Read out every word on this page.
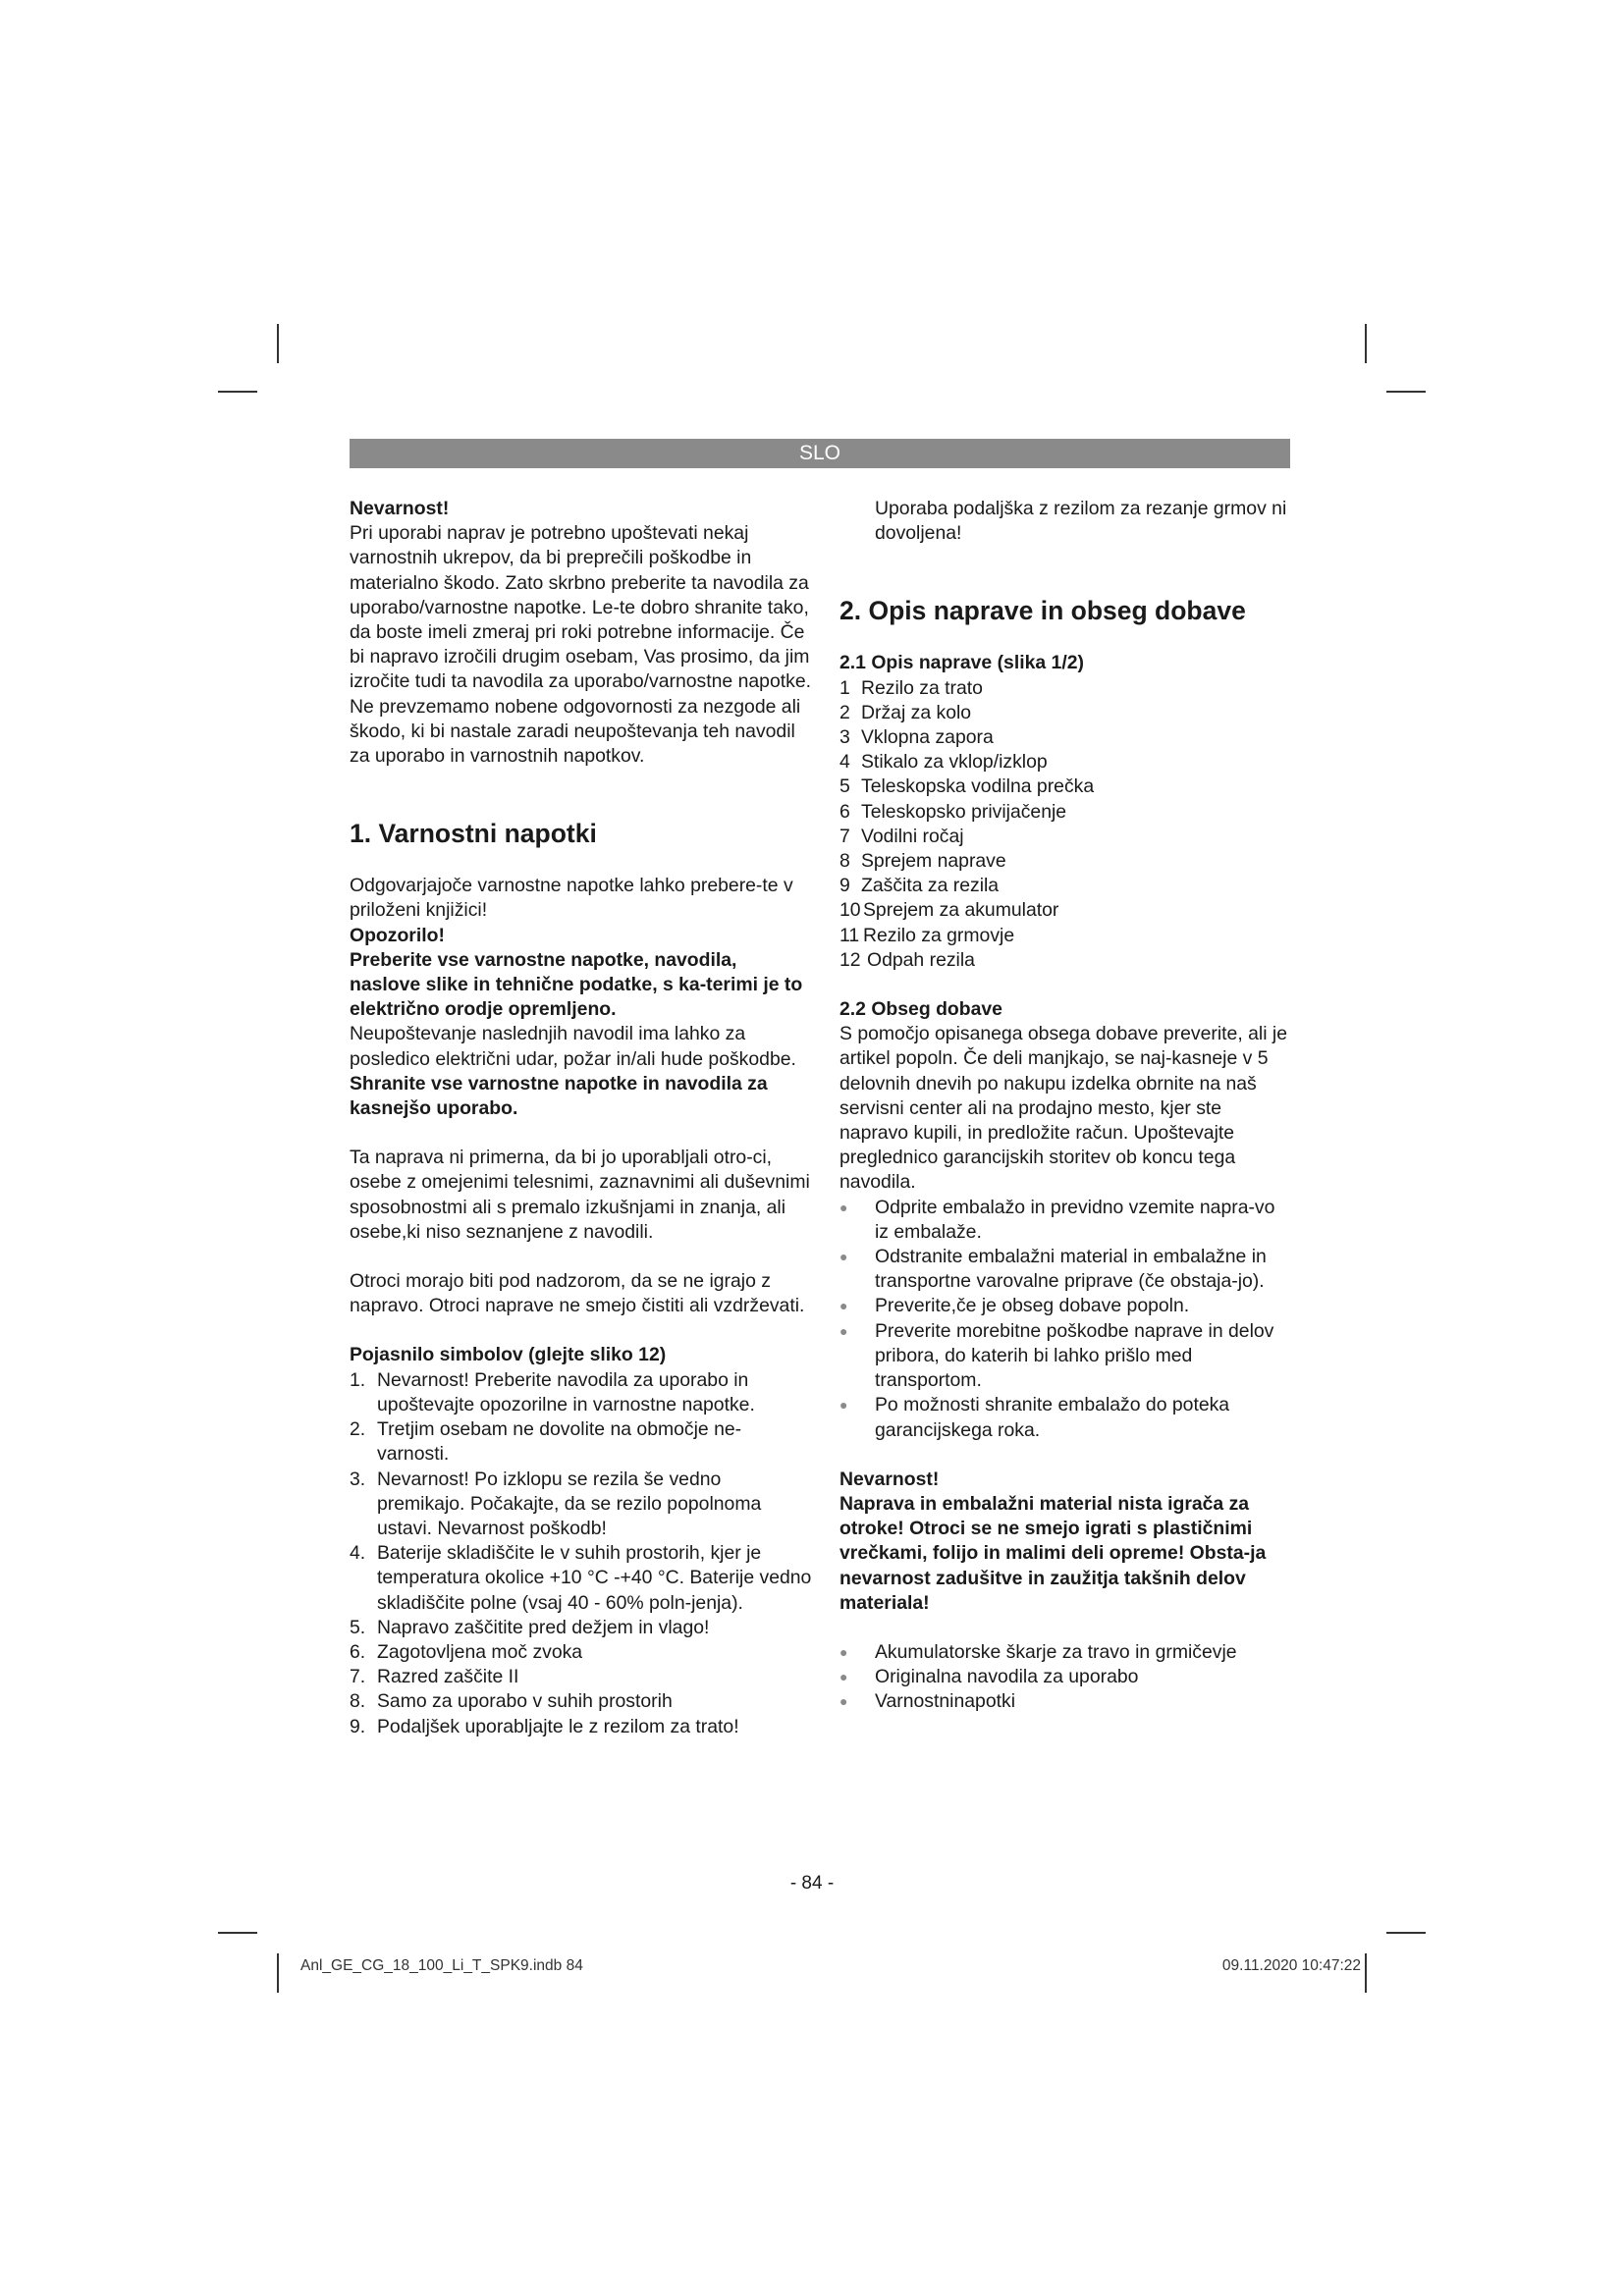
SLO

Nevarnost!

Pri uporabi naprav je potrebno upoštevati nekaj varnostnih ukrepov, da bi preprečili poškodbe in materialno škodo. Zato skrbno preberite ta navodila za uporabo/varnostne napotke. Le-te dobro shranite tako, da boste imeli zmeraj pri roki potrebne informacije. Če bi napravo izročili drugim osebam, Vas prosimo, da jim izročite tudi ta navodila za uporabo/varnostne napotke. Ne prevzemamo nobene odgovornosti za nezgode ali škodo, ki bi nastale zaradi neupoštevanja teh navodil za uporabo in varnostnih napotkov.

1. Varnostni napotki

Odgovarjajoče varnostne napotke lahko prebere-te v priloženi knjižici!

Opozorilo!

Preberite vse varnostne napotke, navodila, naslove slike in tehnične podatke, s ka-terimi je to električno orodje opremljeno.

Neupoštevanje naslednjih navodil ima lahko za posledico električni udar, požar in/ali hude poškodbe.

Shranite vse varnostne napotke in navodila za kasnejšo uporabo.

Ta naprava ni primerna, da bi jo uporabljali otro-ci, osebe z omejenimi telesnimi, zaznavnimi ali duševnimi sposobnostmi ali s premalo izkušnjami in znanja, ali osebe,ki niso seznanjene z navodili.

Otroci morajo biti pod nadzorom, da se ne igrajo z napravo. Otroci naprave ne smejo čistiti ali vzdrževati.

Pojasnilo simbolov (glejte sliko 12)
1. Nevarnost! Preberite navodila za uporabo in upoštevajte opozorilne in varnostne napotke.
2. Tretjim osebam ne dovolite na območje ne-varnosti.
3. Nevarnost! Po izklopu se rezila še vedno premikajo. Počakajte, da se rezilo popolnoma ustavi. Nevarnost poškodb!
4. Baterije skladiščite le v suhih prostorih, kjer je temperatura okolice +10 °C -+40 °C. Baterije vedno skladiščite polne (vsaj 40 - 60% poln-jenja).
5. Napravo zaščitite pred dežjem in vlago!
6. Zagotovljena moč zvoka
7. Razred zaščite II
8. Samo za uporabo v suhih prostorih
9. Podaljšek uporabljajte le z rezilom za trato!

Uporaba podaljška z rezilom za rezanje grmov ni dovoljena!

2. Opis naprave in obseg dobave
2.1 Opis naprave (slika 1/2)
1 Rezilo za trato
2 Držaj za kolo
3 Vklopna zapora
4 Stikalo za vklop/izklop
5 Teleskopska vodilna prečka
6 Teleskopsko privijačenje
7 Vodilni ročaj
8 Sprejem naprave
9 Zaščita za rezila
10 Sprejem za akumulator
11 Rezilo za grmovje
12 Odpah rezila
2.2 Obseg dobave

S pomočjo opisanega obsega dobave preverite, ali je artikel popoln. Če deli manjkajo, se naj-kasneje v 5 delovnih dnevih po nakupu izdelka obrnite na naš servisni center ali na prodajno mesto, kjer ste napravo kupili, in predložite račun. Upoštevajte preglednico garancijskih storitev ob koncu tega navodila.

●	Odprite embalažo in previdno vzemite napra-vo iz embalaže.
●	Odstranite embalažni material in embalažne in transportne varovalne priprave (če obstaja-jo).
●	Preverite,če je obseg dobave popoln.
●	Preverite morebitne poškodbe naprave in delov pribora, do katerih bi lahko prišlo med transportom.
●	Po možnosti shranite embalažo do poteka garancijskega roka.

Nevarnost!

Naprava in embalažni material nista igrača za otroke! Otroci se ne smejo igrati s plastičnimi vrečkami, folijo in malimi deli opreme! Obsta-ja nevarnost zadušitve in zaužitja takšnih delov materiala!

●	Akumulatorske škarje za travo in grmičevje
●	Originalna navodila za uporabo
●	Varnostninapotki
- 84 -
Anl_GE_CG_18_100_Li_T_SPK9.indb 84	09.11.2020 10:47:22
